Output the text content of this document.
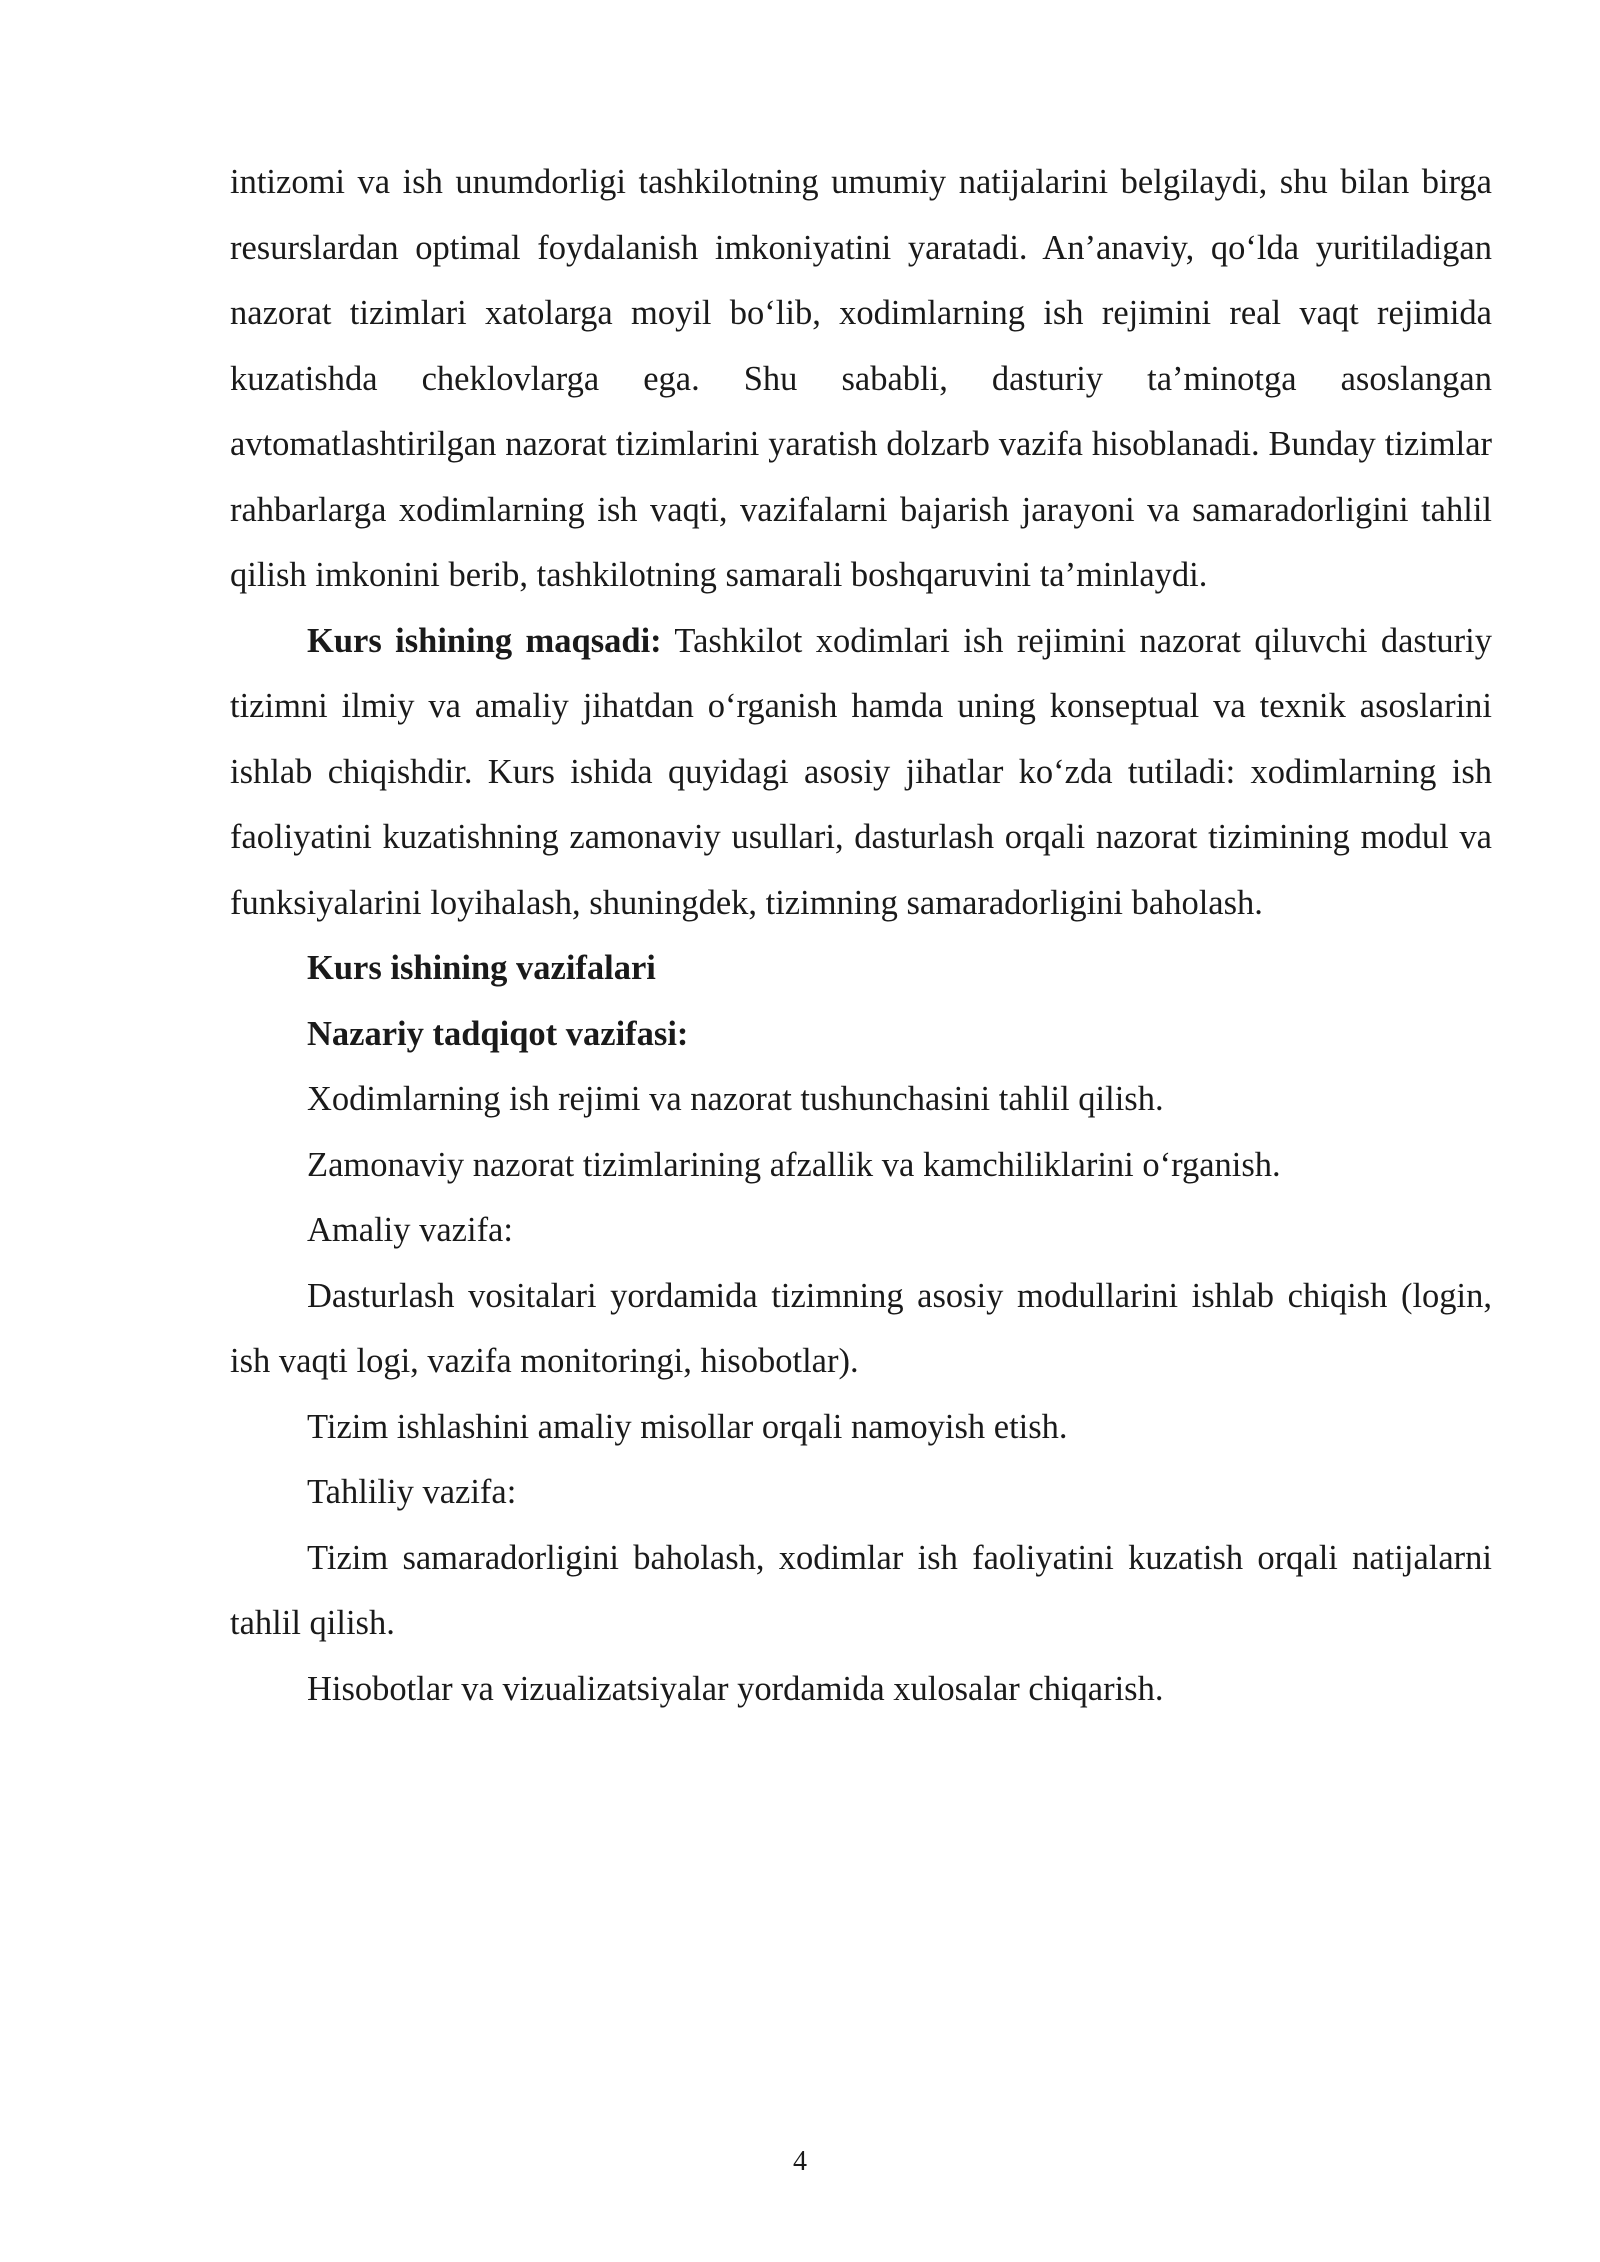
intizomi va ish unumdorligi tashkilotning umumiy natijalarini belgilaydi, shu bilan birga resurslardan optimal foydalanish imkoniyatini yaratadi. An’anaviy, qo‘lda yuritiladigan nazorat tizimlari xatolarga moyil bo‘lib, xodimlarning ish rejimini real vaqt rejimida kuzatishda cheklovlarga ega. Shu sababli, dasturiy ta’minotga asoslangan avtomatlashtirilgan nazorat tizimlarini yaratish dolzarb vazifa hisoblanadi. Bunday tizimlar rahbarlarga xodimlarning ish vaqti, vazifalarni bajarish jarayoni va samaradorligini tahlil qilish imkonini berib, tashkilotning samarali boshqaruvini ta’minlaydi.

Kurs ishining maqsadi: Tashkilot xodimlari ish rejimini nazorat qiluvchi dasturiy tizimni ilmiy va amaliy jihatdan o‘rganish hamda uning konseptual va texnik asoslarini ishlab chiqishdir. Kurs ishida quyidagi asosiy jihatlar ko‘zda tutiladi: xodimlarning ish faoliyatini kuzatishning zamonaviy usullari, dasturlash orqali nazorat tizimining modul va funksiyalarini loyihalash, shuningdek, tizimning samaradorligini baholash.

Kurs ishining vazifalari

Nazariy tadqiqot vazifasi:

Xodimlarning ish rejimi va nazorat tushunchasini tahlil qilish.

Zamonaviy nazorat tizimlarining afzallik va kamchiliklarini o‘rganish.

Amaliy vazifa:

Dasturlash vositalari yordamida tizimning asosiy modullarini ishlab chiqish (login, ish vaqti logi, vazifa monitoringi, hisobotlar).

Tizim ishlashini amaliy misollar orqali namoyish etish.

Tahliliy vazifa:

Tizim samaradorligini baholash, xodimlar ish faoliyatini kuzatish orqali natijalarni tahlil qilish.

Hisobotlar va vizualizatsiyalar yordamida xulosalar chiqarish.

4
